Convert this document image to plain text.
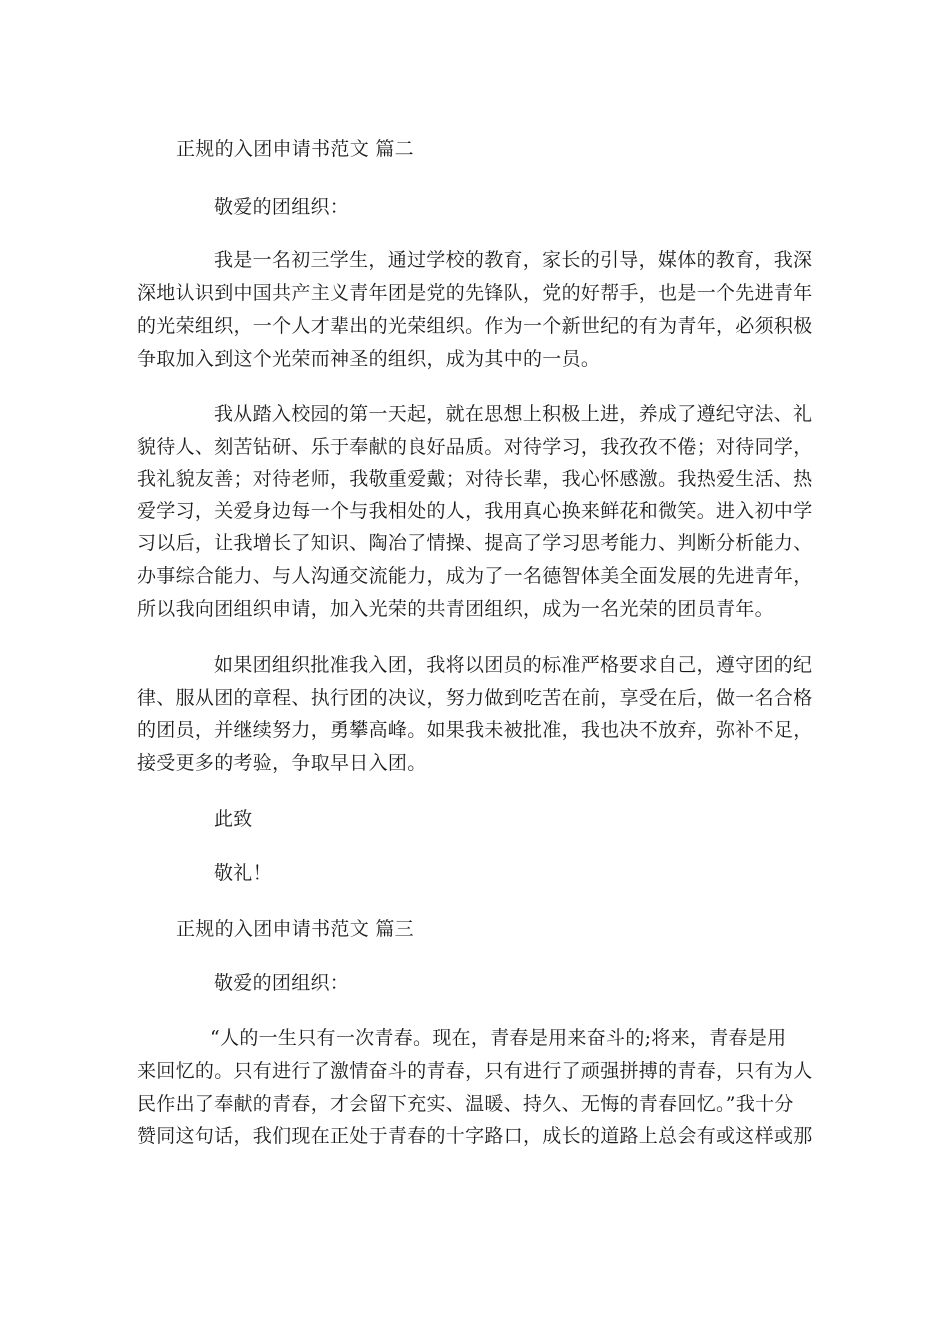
正规的入团申请书范文 篇二
敬爱的团组织：
我是一名初三学生，通过学校的教育，家长的引导，媒体的教育，我深
深地认识到中国共产主义青年团是党的先锋队，党的好帮手，也是一个先进青年
的光荣组织，一个人才辈出的光荣组织。作为一个新世纪的有为青年，必须积极
争取加入到这个光荣而神圣的组织，成为其中的一员。
我从踏入校园的第一天起，就在思想上积极上进，养成了遵纪守法、礼
貌待人、刻苦钻研、乐于奉献的良好品质。对待学习，我孜孜不倦；对待同学，
我礼貌友善；对待老师，我敬重爱戴；对待长辈，我心怀感激。我热爱生活、热
爱学习，关爱身边每一个与我相处的人，我用真心换来鲜花和微笑。进入初中学
习以后，让我增长了知识、陶冶了情操、提高了学习思考能力、判断分析能力、
办事综合能力、与人沟通交流能力，成为了一名德智体美全面发展的先进青年，
所以我向团组织申请，加入光荣的共青团组织，成为一名光荣的团员青年。
如果团组织批准我入团，我将以团员的标准严格要求自己，遵守团的纪
律、服从团的章程、执行团的决议，努力做到吃苦在前，享受在后，做一名合格
的团员，并继续努力，勇攀高峰。如果我未被批准，我也决不放弃，弥补不足，
接受更多的考验，争取早日入团。
此致
敬礼！
正规的入团申请书范文 篇三
敬爱的团组织：
“人的一生只有一次青春。现在，青春是用来奋斗的;将来，青春是用
来回忆的。只有进行了激情奋斗的青春，只有进行了顽强拼搏的青春，只有为人
民作出了奉献的青春，才会留下充实、温暖、持久、无悔的青春回忆。”我十分
赞同这句话，我们现在正处于青春的十字路口，成长的道路上总会有或这样或那
